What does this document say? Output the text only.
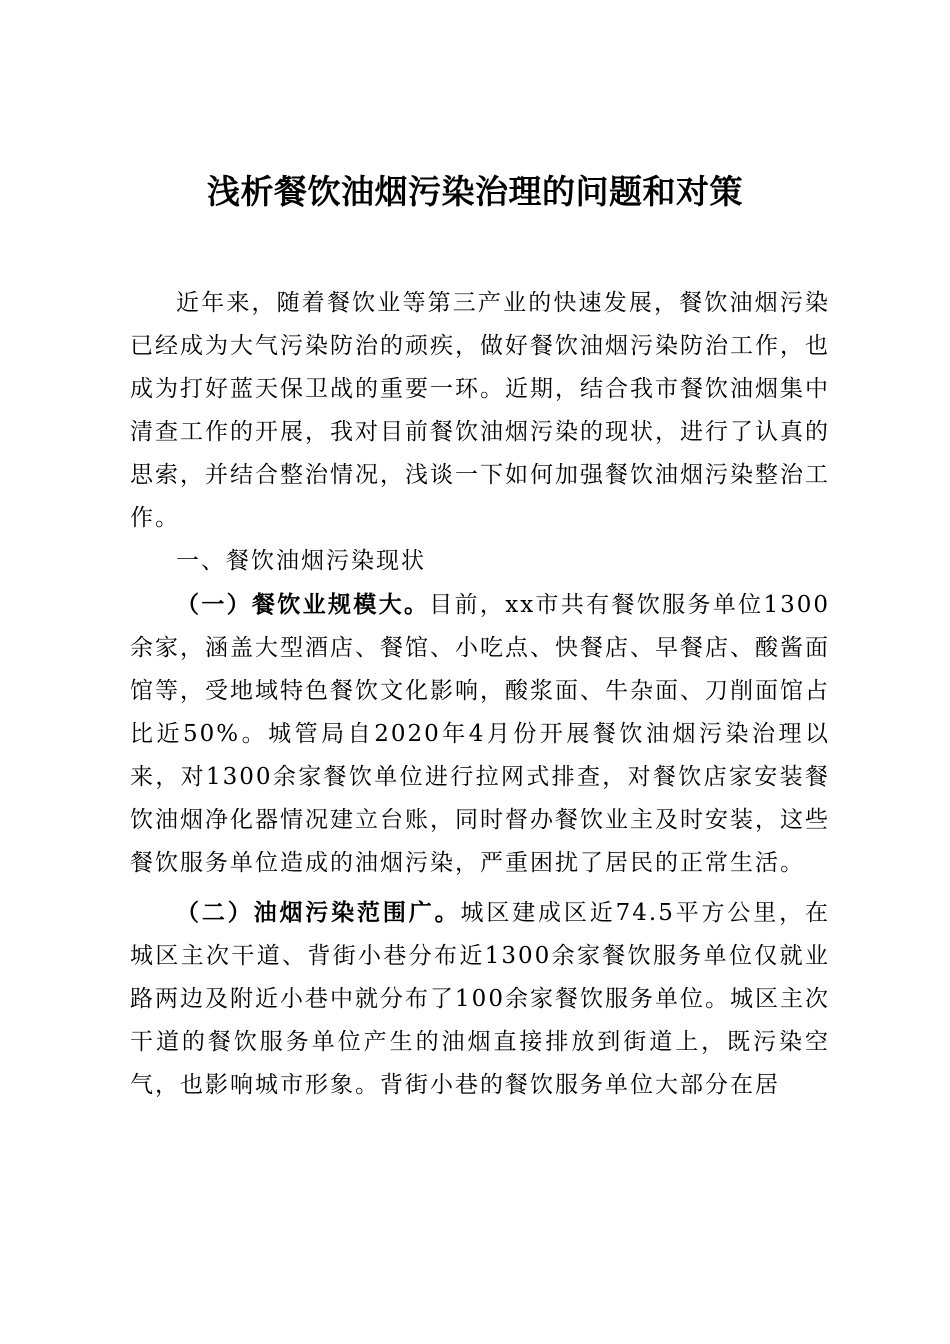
浅析餐饮油烟污染治理的问题和对策

近年来，随着餐饮业等第三产业的快速发展，餐饮油烟污染已经成为大气污染防治的顽疾，做好餐饮油烟污染防治工作，也成为打好蓝天保卫战的重要一环。近期，结合我市餐饮油烟集中清查工作的开展，我对目前餐饮油烟污染的现状，进行了认真的思索，并结合整治情况，浅谈一下如何加强餐饮油烟污染整治工作。

一、餐饮油烟污染现状

（一）餐饮业规模大。目前，xx市共有餐饮服务单位1300余家，涵盖大型酒店、餐馆、小吃点、快餐店、早餐店、酸酱面馆等，受地域特色餐饮文化影响，酸浆面、牛杂面、刀削面馆占比近50%。城管局自2020年4月份开展餐饮油烟污染治理以来，对1300余家餐饮单位进行拉网式排查，对餐饮店家安装餐饮油烟净化器情况建立台账，同时督办餐饮业主及时安装，这些餐饮服务单位造成的油烟污染，严重困扰了居民的正常生活。

（二）油烟污染范围广。城区建成区近74.5平方公里，在城区主次干道、背街小巷分布近1300余家餐饮服务单位仅就业路两边及附近小巷中就分布了100余家餐饮服务单位。城区主次干道的餐饮服务单位产生的油烟直接排放到街道上，既污染空气，也影响城市形象。背街小巷的餐饮服务单位大部分在居
